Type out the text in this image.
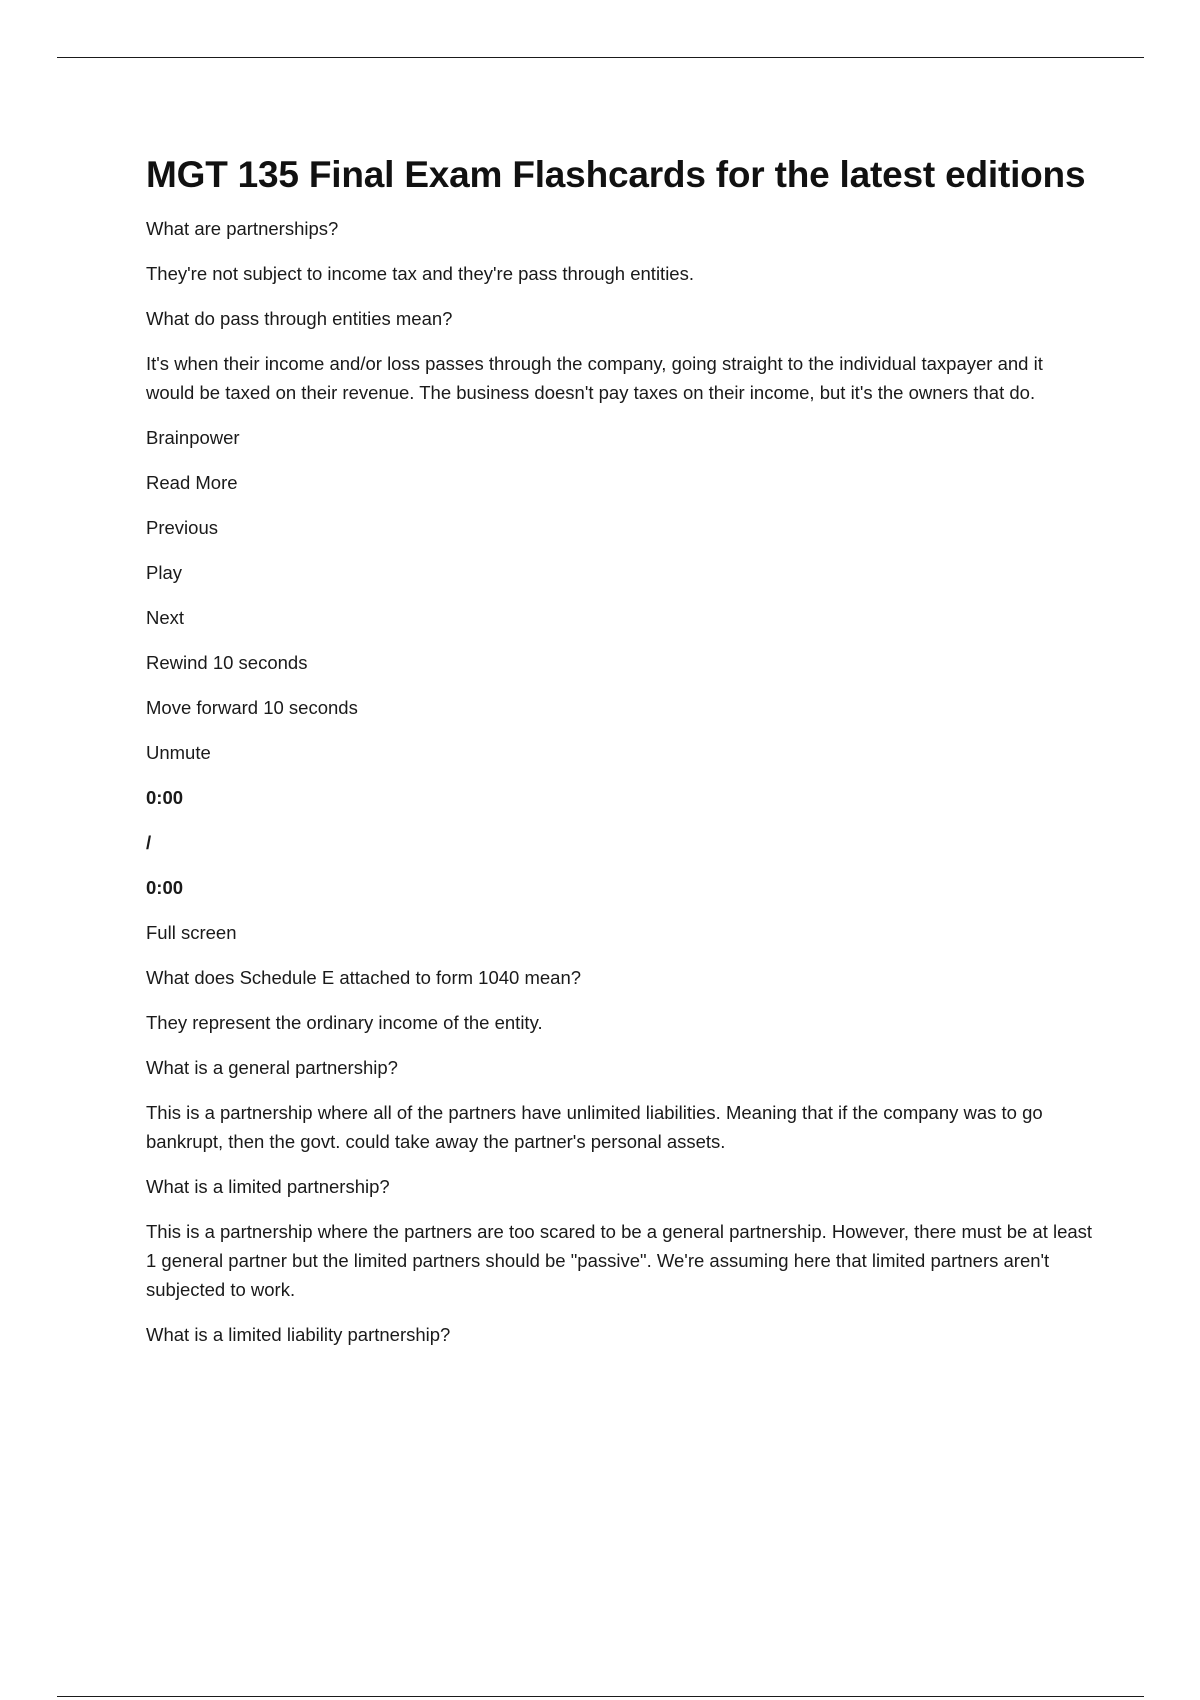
MGT 135 Final Exam Flashcards for the latest editions

What are partnerships?

They're not subject to income tax and they're pass through entities.

What do pass through entities mean?

It's when their income and/or loss passes through the company, going straight to the individual taxpayer and it would be taxed on their revenue. The business doesn't pay taxes on their income, but it's the owners that do.

Brainpower

Read More

Previous

Play

Next

Rewind 10 seconds

Move forward 10 seconds

Unmute

0:00

/

0:00

Full screen

What does Schedule E attached to form 1040 mean?

They represent the ordinary income of the entity.

What is a general partnership?

This is a partnership where all of the partners have unlimited liabilities. Meaning that if the company was to go bankrupt, then the govt. could take away the partner's personal assets.

What is a limited partnership?

This is a partnership where the partners are too scared to be a general partnership. However, there must be at least 1 general partner but the limited partners should be "passive". We're assuming here that limited partners aren't subjected to work.

What is a limited liability partnership?
